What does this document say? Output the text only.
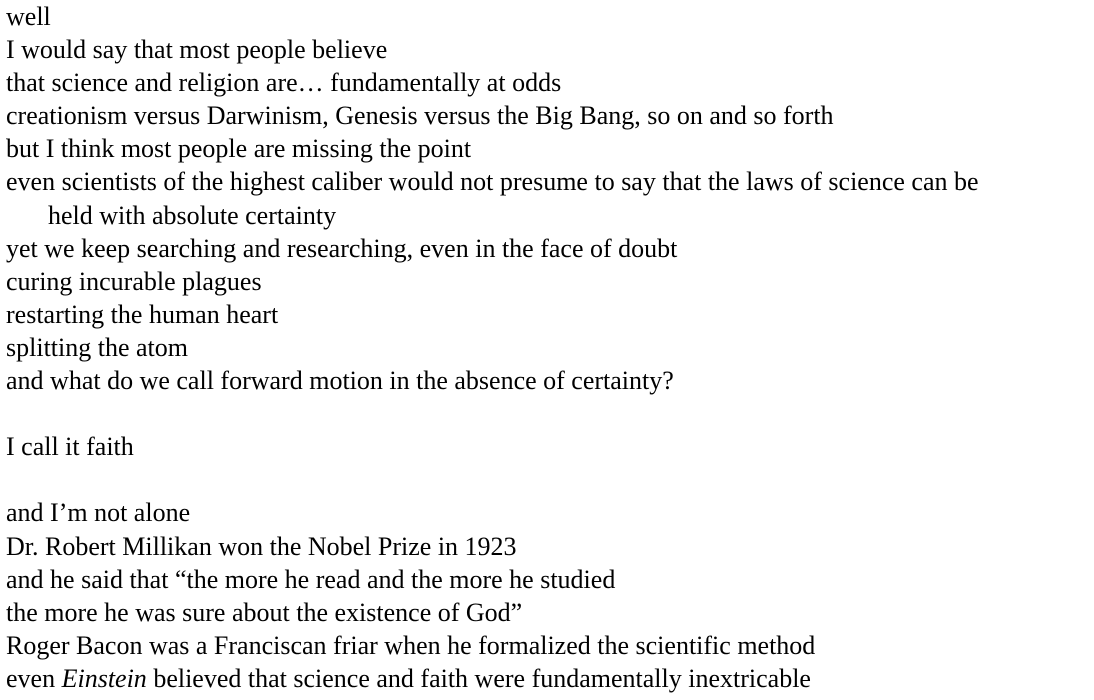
well
I would say that most people believe
that science and religion are… fundamentally at odds
creationism versus Darwinism, Genesis versus the Big Bang, so on and so forth
but I think most people are missing the point
even scientists of the highest caliber would not presume to say that the laws of science can be
held with absolute certainty
yet we keep searching and researching, even in the face of doubt
curing incurable plagues
restarting the human heart
splitting the atom
and what do we call forward motion in the absence of certainty?
I call it faith
and I’m not alone
Dr. Robert Millikan won the Nobel Prize in 1923
and he said that “the more he read and the more he studied
the more he was sure about the existence of God”
Roger Bacon was a Franciscan friar when he formalized the scientific method
even Einstein believed that science and faith were fundamentally inextricable
